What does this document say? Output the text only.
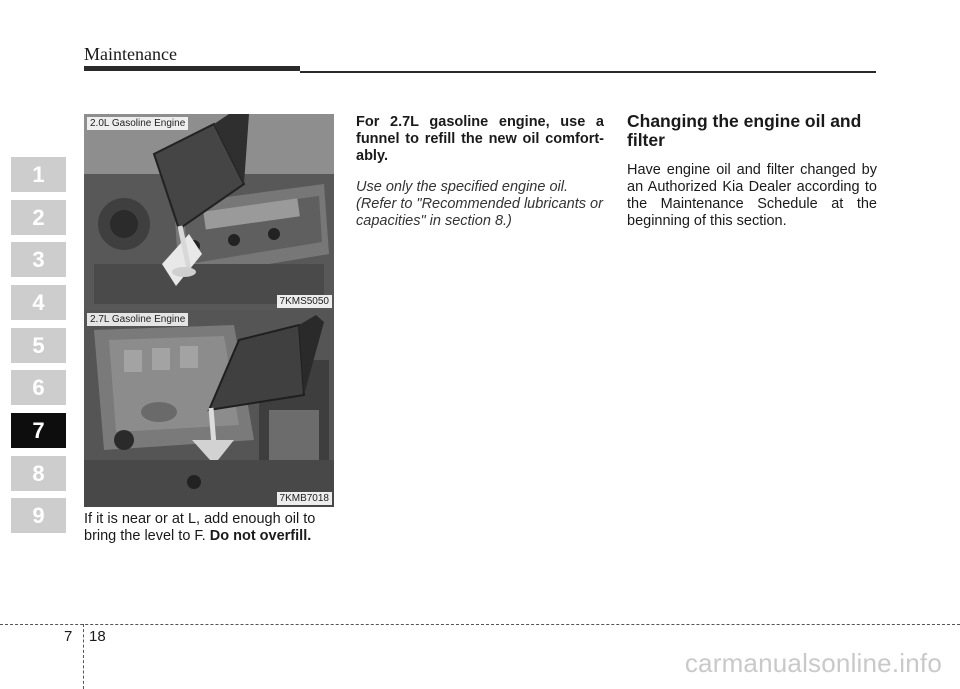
Maintenance
1
2
3
4
5
6
7
8
9
2.0L Gasoline Engine
7KMS5050
2.7L Gasoline Engine
7KMB7018
If it is near or at L, add enough oil to bring the level to F. Do not overfill.

For 2.7L gasoline engine, use a funnel to refill the new oil comfort-ably.

Use only the specified engine oil. (Refer to "Recommended lubricants or capacities" in section 8.)

Changing the engine oil and filter

Have engine oil and filter changed by an Authorized Kia Dealer according to the Maintenance Schedule at the beginning of this section.

7 18
carmanualsonline.info
